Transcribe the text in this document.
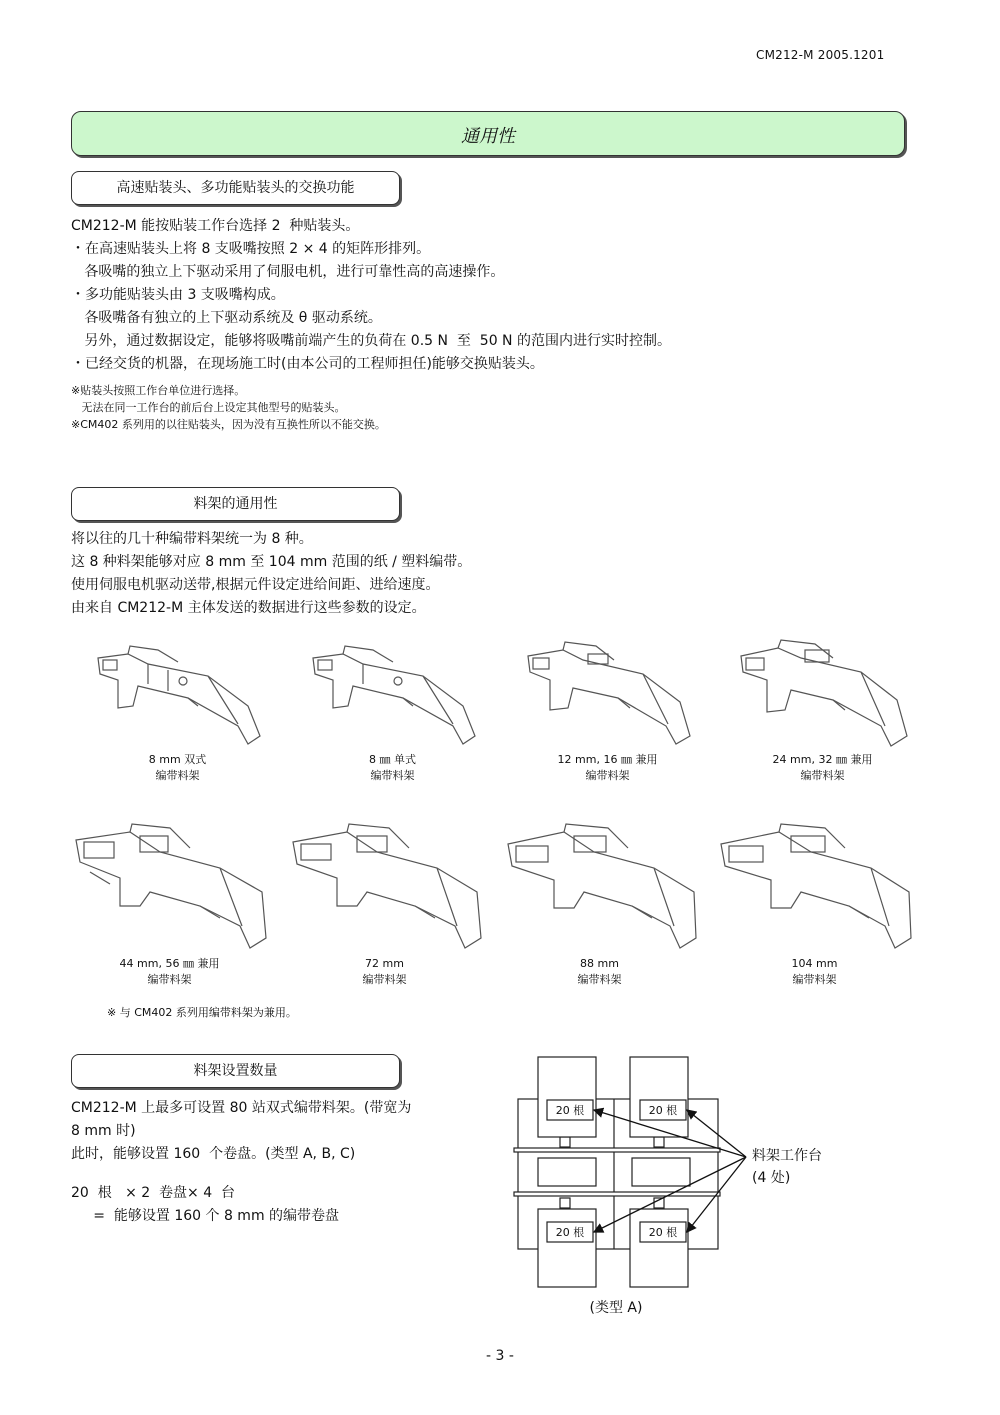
CM212-M 2005.1201
通用性
高速贴装头、多功能贴装头的交换功能
CM212-M 能按贴装工作台选择 2  种贴装头。
・在高速贴装头上将 8 支吸嘴按照 2 × 4 的矩阵形排列。
各吸嘴的独立上下驱动采用了伺服电机，进行可靠性高的高速操作。
・多功能贴装头由 3 支吸嘴构成。
各吸嘴备有独立的上下驱动系统及 θ 驱动系统。
另外，通过数据设定，能够将吸嘴前端产生的负荷在 0.5 N  至  50 N 的范围内进行实时控制。
・已经交货的机器，在现场施工时(由本公司的工程师担任)能够交换贴装头。
※贴装头按照工作台单位进行选择。
无法在同一工作台的前后台上设定其他型号的贴装头。
※CM402 系列用的以往贴装头，因为没有互换性所以不能交换。
料架的通用性
将以往的几十种编带料架统一为 8 种。
这 8 种料架能够对应 8 mm 至 104 mm 范围的纸 / 塑料编带。
使用伺服电机驱动送带,根据元件设定进给间距、进给速度。
由来自 CM212-M 主体发送的数据进行这些参数的设定。
8 mm 双式
编带料架
8 ㎜ 单式
编带料架
12 mm, 16 ㎜ 兼用
编带料架
24 mm, 32 ㎜ 兼用
编带料架
44 mm, 56 ㎜ 兼用
编带料架
72 mm
编带料架
88 mm
编带料架
104 mm
编带料架
※ 与 CM402 系列用编带料架为兼用。
料架设置数量
CM212-M 上最多可设置 80 站双式编带料架。(带宽为
8 mm 时)
此时，能够设置 160  个卷盘。(类型 A, B, C)
20  根   × 2  卷盘× 4  台
=  能够设置 160 个 8 mm 的编带卷盘
20 根	20 根
20 根	20 根
料架工作台
(4 处)
(类型 A)
- 3 -
